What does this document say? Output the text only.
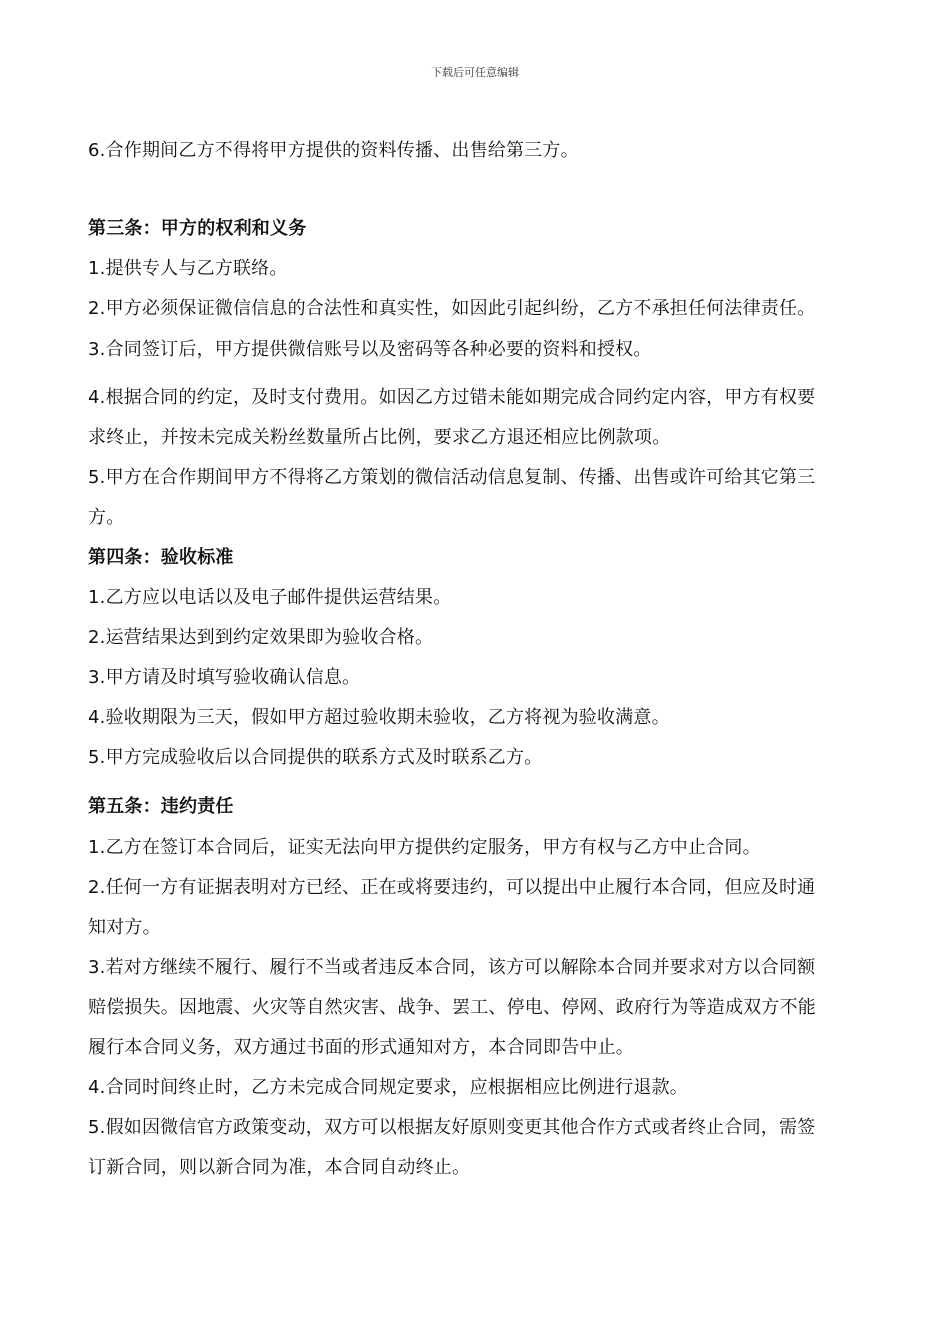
下载后可任意编辑
6.合作期间乙方不得将甲方提供的资料传播、出售给第三方。
第三条：甲方的权利和义务
1.提供专人与乙方联络。
2.甲方必须保证微信信息的合法性和真实性，如因此引起纠纷，乙方不承担任何法律责任。
3.合同签订后，甲方提供微信账号以及密码等各种必要的资料和授权。
4.根据合同的约定，及时支付费用。如因乙方过错未能如期完成合同约定内容，甲方有权要
求终止，并按未完成关粉丝数量所占比例，要求乙方退还相应比例款项。
5.甲方在合作期间甲方不得将乙方策划的微信活动信息复制、传播、出售或许可给其它第三
方。
第四条：验收标准
1.乙方应以电话以及电子邮件提供运营结果。
2.运营结果达到到约定效果即为验收合格。
3.甲方请及时填写验收确认信息。
4.验收期限为三天，假如甲方超过验收期未验收，乙方将视为验收满意。
5.甲方完成验收后以合同提供的联系方式及时联系乙方。
第五条：违约责任
1.乙方在签订本合同后，证实无法向甲方提供约定服务，甲方有权与乙方中止合同。
2.任何一方有证据表明对方已经、正在或将要违约，可以提出中止履行本合同，但应及时通
知对方。
3.若对方继续不履行、履行不当或者违反本合同，该方可以解除本合同并要求对方以合同额
赔偿损失。因地震、火灾等自然灾害、战争、罢工、停电、停网、政府行为等造成双方不能
履行本合同义务，双方通过书面的形式通知对方，本合同即告中止。
4.合同时间终止时，乙方未完成合同规定要求，应根据相应比例进行退款。
5.假如因微信官方政策变动，双方可以根据友好原则变更其他合作方式或者终止合同，需签
订新合同，则以新合同为准，本合同自动终止。
